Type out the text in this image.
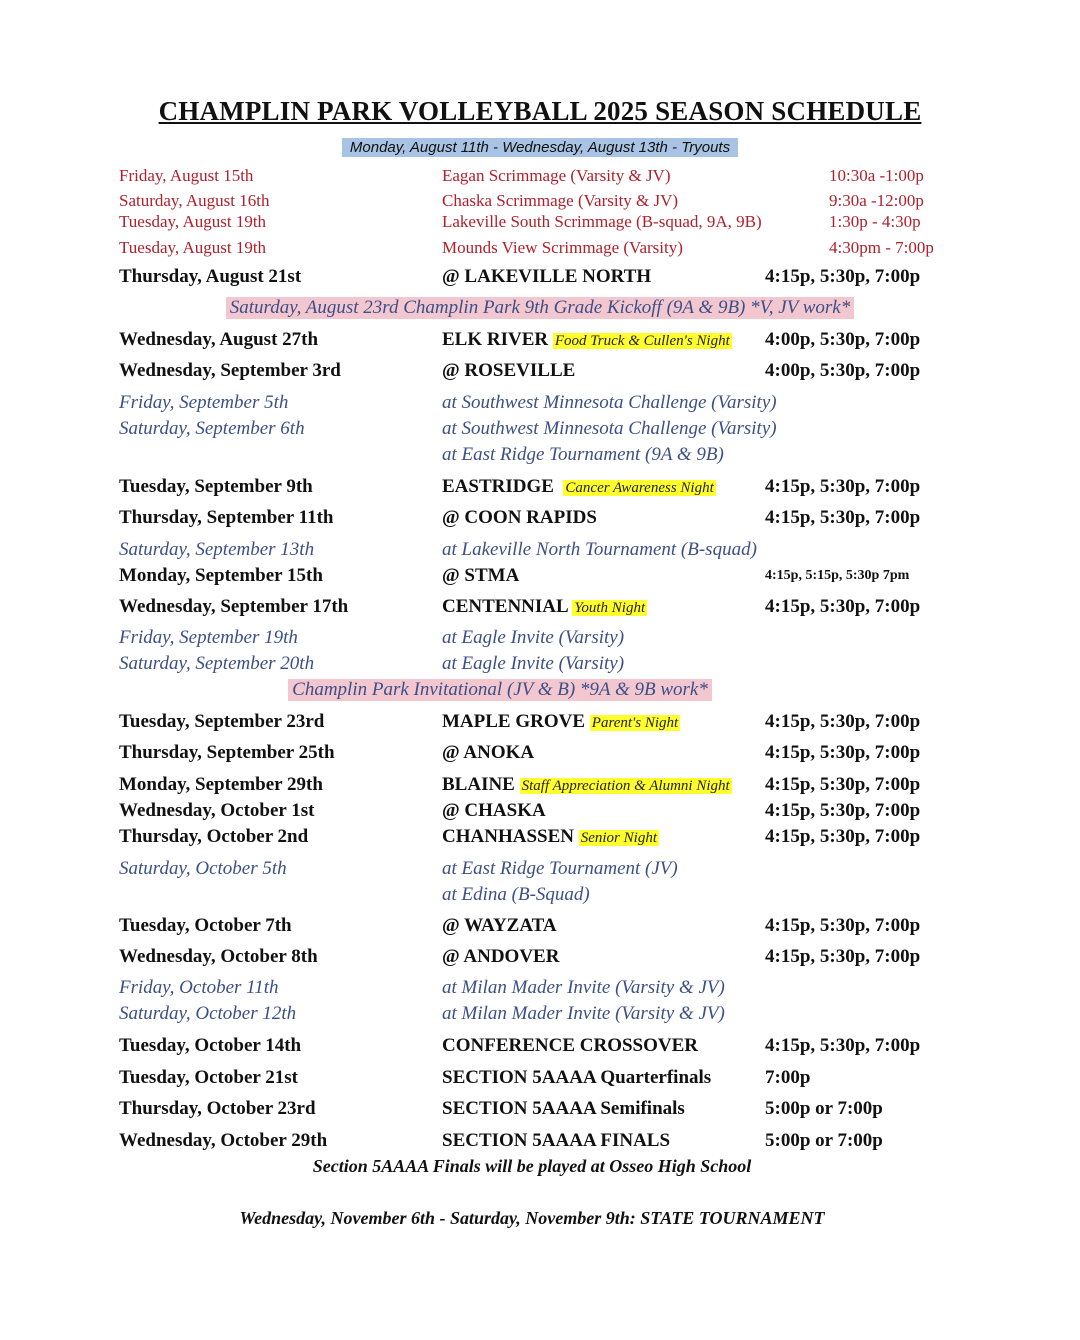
CHAMPLIN PARK VOLLEYBALL 2025 SEASON SCHEDULE
Monday, August 11th - Wednesday, August 13th - Tryouts
Friday, August 15th	Eagan Scrimmage (Varsity & JV)	10:30a -1:00p
Saturday, August 16th	Chaska Scrimmage (Varsity & JV)	9:30a -12:00p
Tuesday, August 19th	Lakeville South Scrimmage (B-squad, 9A, 9B)	1:30p - 4:30p
Tuesday, August 19th	Mounds View Scrimmage (Varsity)	4:30pm - 7:00p
Thursday, August 21st	@ LAKEVILLE NORTH	4:15p, 5:30p, 7:00p
Saturday, August 23rd Champlin Park 9th Grade Kickoff (9A & 9B) *V, JV work*
Wednesday, August 27th	ELK RIVER Food Truck & Cullen's Night 4:00p, 5:30p, 7:00p
Wednesday, September 3rd	@ ROSEVILLE	4:00p, 5:30p, 7:00p
Friday, September 5th	at Southwest Minnesota Challenge (Varsity)
Saturday, September 6th	at Southwest Minnesota Challenge (Varsity)
at East Ridge Tournament (9A & 9B)
Tuesday, September 9th	EASTRIDGE Cancer Awareness Night	4:15p, 5:30p, 7:00p
Thursday, September 11th	@ COON RAPIDS	4:15p, 5:30p, 7:00p
Saturday, September 13th	at Lakeville North Tournament (B-squad)
Monday, September 15th	@ STMA	4:15p, 5:15p, 5:30p 7pm
Wednesday, September 17th	CENTENNIAL Youth Night	4:15p, 5:30p, 7:00p
Friday, September 19th	at Eagle Invite (Varsity)
Saturday, September 20th	at Eagle Invite (Varsity)
Champlin Park Invitational (JV & B) *9A & 9B work*
Tuesday, September 23rd	MAPLE GROVE Parent's Night	4:15p, 5:30p, 7:00p
Thursday, September 25th	@ ANOKA	4:15p, 5:30p, 7:00p
Monday, September 29th	BLAINE Staff Appreciation & Alumni Night 4:15p, 5:30p, 7:00p
Wednesday, October 1st	@ CHASKA	4:15p, 5:30p, 7:00p
Thursday, October 2nd	CHANHASSEN Senior Night	4:15p, 5:30p, 7:00p
Saturday, October 5th	at East Ridge Tournament (JV)
at Edina (B-Squad)
Tuesday, October 7th	@ WAYZATA	4:15p, 5:30p, 7:00p
Wednesday, October 8th	@ ANDOVER	4:15p, 5:30p, 7:00p
Friday, October 11th	at Milan Mader Invite (Varsity & JV)
Saturday, October 12th	at Milan Mader Invite (Varsity & JV)
Tuesday, October 14th	CONFERENCE CROSSOVER	4:15p, 5:30p, 7:00p
Tuesday, October 21st	SECTION 5AAAA Quarterfinals	7:00p
Thursday, October 23rd	SECTION 5AAAA Semifinals	5:00p or 7:00p
Wednesday, October 29th	SECTION 5AAAA FINALS	5:00p or 7:00p
Section 5AAAA Finals will be played at Osseo High School
Wednesday, November 6th - Saturday, November 9th: STATE TOURNAMENT
